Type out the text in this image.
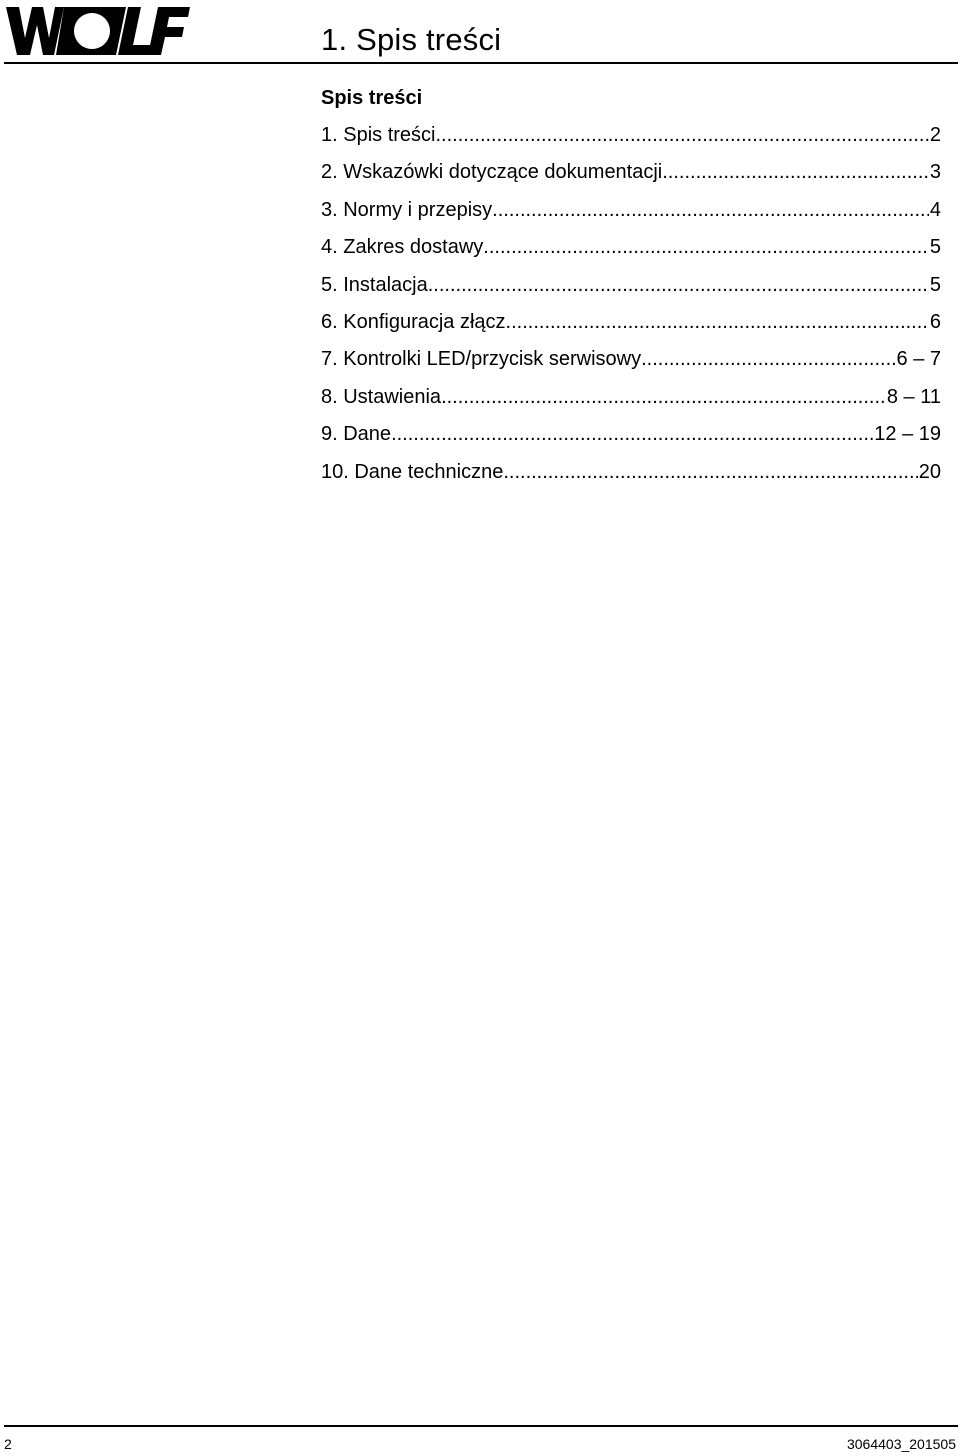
1. Spis treści
Spis treści
1. Spis treści .....	2
2. Wskazówki dotyczące dokumentacji .....	3
3. Normy i przepisy .....	4
4. Zakres dostawy .....	5
5. Instalacja .....	5
6. Konfiguracja złącz .....	6
7. Kontrolki LED/przycisk serwisowy .....	6 – 7
8. Ustawienia .....	8 – 11
9. Dane .....	12 – 19
10. Dane techniczne .....	20
2	3064403_201505
